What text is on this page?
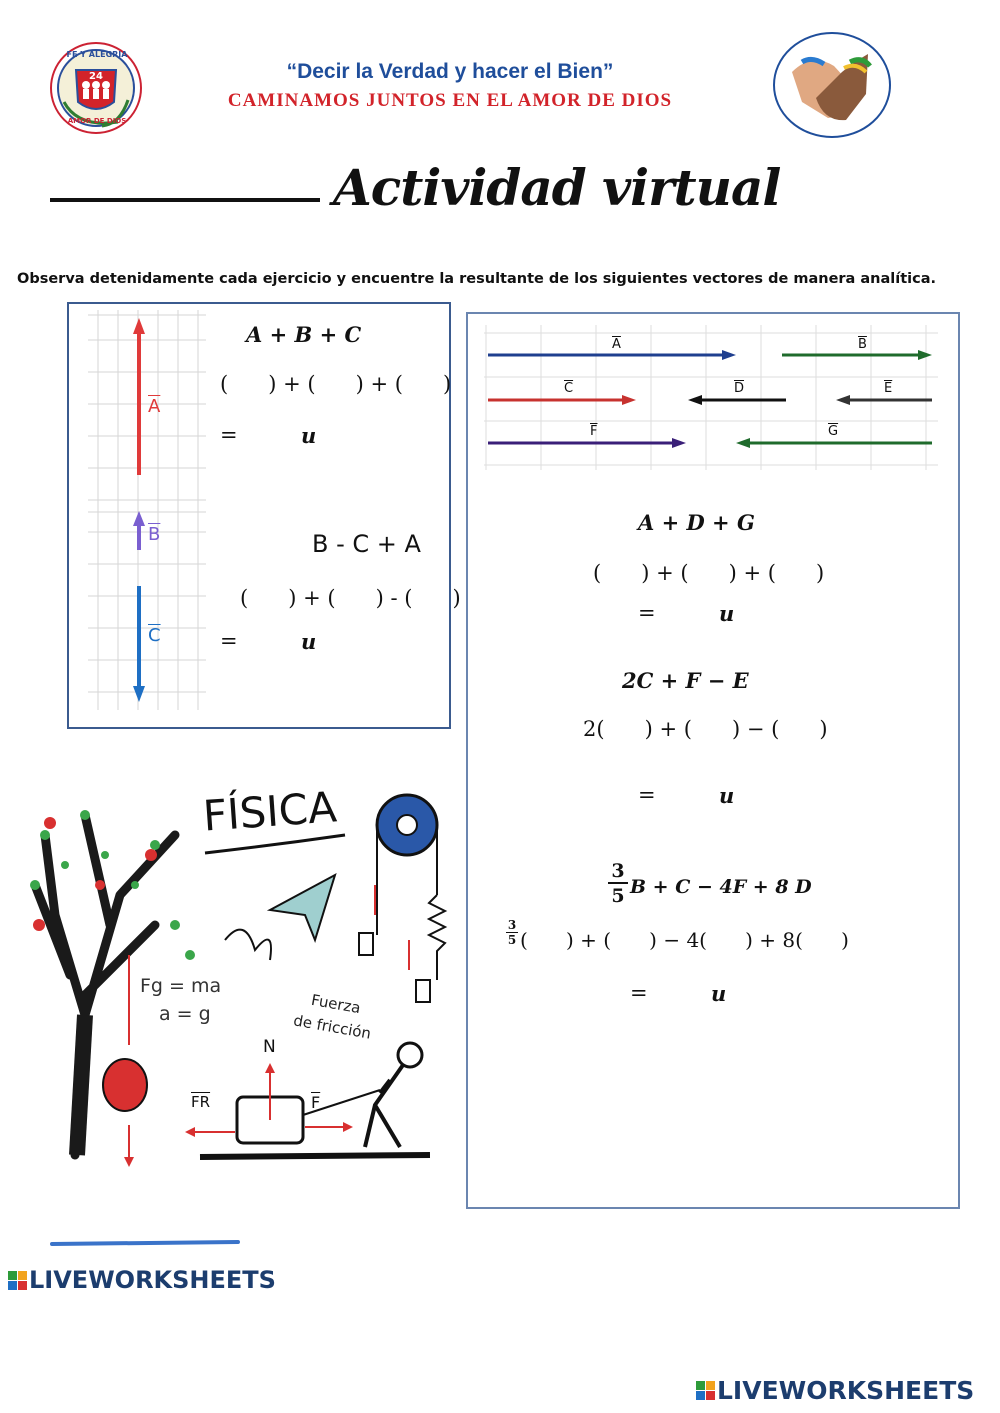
FE Y ALEGRIA
24
AMOR DE DIOS
“Decir la Verdad y hacer el Bien”
CAMINAMOS JUNTOS EN EL AMOR DE DIOS
Actividad virtual
Observa detenidamente cada ejercicio y encuentre la resultante de los siguientes vectores de manera analítica.
$\overline{A}$
$\overline{B}$
$\overline{C}$
A + B + C
(      ) + (      ) + (      )
=	u
B - C + A
(      ) + (      ) - (      )
=	u
$\overline{A}$	$\overline{B}$
$\overline{C}$	$\overline{D}$	$\overline{E}$
$\overline{F}$	$\overline{G}$
A + D + G
(      ) + (      ) + (      )
=	u
2C + F − E
2(      ) + (      ) − (      )
=	u
$\frac{3}{5}$ B + C − 4F + 8 D
$\frac{3}{5}$ (      ) + (      ) − 4(      ) + 8(      )
=	u
FÍSICA
Fg = ma
a = g
N
$\overline{FR}$	$\overline{F}$
Fuerza
de fricción
LIVEWORKSHEETS
LIVEWORKSHEETS
